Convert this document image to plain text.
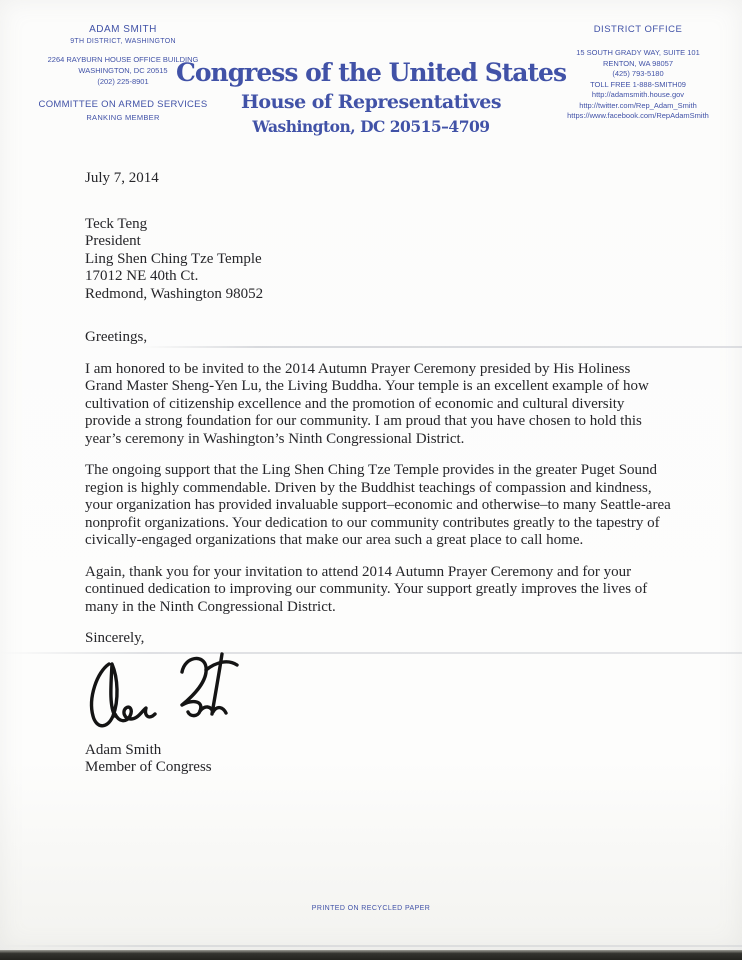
ADAM SMITH
9TH DISTRICT, WASHINGTON
2264 RAYBURN HOUSE OFFICE BUILDING
WASHINGTON, DC 20515
(202) 225-8901
COMMITTEE ON ARMED SERVICES
RANKING MEMBER
Congress of the United States
House of Representatives
Washington, DC 20515–4709
DISTRICT OFFICE
15 SOUTH GRADY WAY, SUITE 101
RENTON, WA 98057
(425) 793-5180
TOLL FREE 1-888-SMITH09
http://adamsmith.house.gov
http://twitter.com/Rep_Adam_Smith
https://www.facebook.com/RepAdamSmith
July 7, 2014
Teck Teng
President
Ling Shen Ching Tze Temple
17012 NE 40th Ct.
Redmond, Washington 98052
Greetings,

I am honored to be invited to the 2014 Autumn Prayer Ceremony presided by His Holiness Grand Master Sheng-Yen Lu, the Living Buddha. Your temple is an excellent example of how cultivation of citizenship excellence and the promotion of economic and cultural diversity provide a strong foundation for our community. I am proud that you have chosen to hold this year’s ceremony in Washington’s Ninth Congressional District.

The ongoing support that the Ling Shen Ching Tze Temple provides in the greater Puget Sound region is highly commendable. Driven by the Buddhist teachings of compassion and kindness, your organization has provided invaluable support–economic and otherwise–to many Seattle-area nonprofit organizations. Your dedication to our community contributes greatly to the tapestry of civically-engaged organizations that make our area such a great place to call home.

Again, thank you for your invitation to attend 2014 Autumn Prayer Ceremony and for your continued dedication to improving our community. Your support greatly improves the lives of many in the Ninth Congressional District.

Sincerely,
Adam Smith
Member of Congress
PRINTED ON RECYCLED PAPER
